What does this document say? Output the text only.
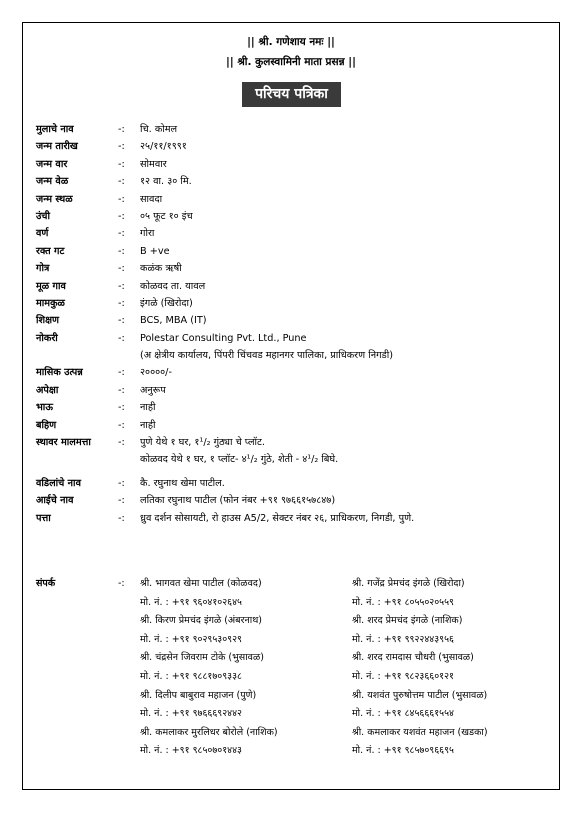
|| श्री. गणेशाय नमः ||
|| श्री. कुलस्वामिनी माता प्रसन्न ||
परिचय पत्रिका
मुलाचे नाव	-: चि. कोमल
जन्म तारीख	-: २५/११/१९९१
जन्म वार	-: सोमवार
जन्म वेळ	-: १२ वा. ३० मि.
जन्म स्थळ	-: सावदा
उंची	-: ०५ फूट १० इंच
वर्ण	-: गोरा
रक्त गट	-: B +ve
गोत्र	-: कळंक ऋषी
मूळ गाव	-: कोळवद ता. यावल
मामकुळ	-: इंगळे (खिरोदा)
शिक्षण	-: BCS, MBA (IT)
नोकरी	-: Polestar Consulting Pvt. Ltd., Pune
(अ क्षेत्रीय कार्यालय, पिंपरी चिंचवड महानगर पालिका, प्राधिकरण निगडी)
मासिक उत्पन्न	-: २००००/-
अपेक्षा	-: अनुरूप
भाऊ	-: नाही
बहिण	-: नाही
स्थावर मालमत्ता	-: पुणे येथे १ घर, १¹/₂ गुंठ्या चे प्लॉट.
कोळवद येथे १ घर, १ प्लॉट- ४¹/₂ गुंठे, शेती - ४¹/₂ बिघे.
वडिलांचे नाव	-: कै. रघुनाथ खेमा पाटील.
आईचे नाव	-: लतिका रघुनाथ पाटील (फोन नंबर +९१ ९७६६१५७८४७)
पत्ता	-: ध्रुव दर्शन सोसायटी, रो हाउस A5/2, सेक्टर नंबर २६, प्राधिकरण, निगडी, पुणे.
संपर्क	-: श्री. भागवत खेमा पाटील (कोळवद)	श्री. गजेंद्र प्रेमचंद इंगळे (खिरोदा)
मो. नं. : +९१ ९६०४१०२६४५	मो. नं. : +९१ ८०५५०२०५५९
श्री. किरण प्रेमचंद इंगळे (अंबरनाथ)	श्री. शरद प्रेमचंद इंगळे (नाशिक)
मो. नं. : +९१ ९०२९५३०९२९	मो. नं. : +९१ ९९२२४४३९५६
श्री. चंद्रसेन जिवराम टोके (भुसावळ)	श्री. शरद रामदास चौधरी (भुसावळ)
मो. नं. : +९१ ९८८१७०९३३८	मो. नं. : +९१ ९८२३६६०१२१
श्री. दिलीप बाबुराव महाजन (पुणे)	श्री. यशवंत पुरुषोत्तम पाटील (भुसावळ)
मो. नं. : +९१ ९७६६६९२४४२	मो. नं. : +९१ ८४५६६६१५५४
श्री. कमलाकर मुरलिधर बोरोले (नाशिक)	श्री. कमलाकर यशवंत महाजन (खडका)
मो. नं. : +९१ ९८५०७०१४४३	मो. नं. : +९१ ९८५७०९६६९५
